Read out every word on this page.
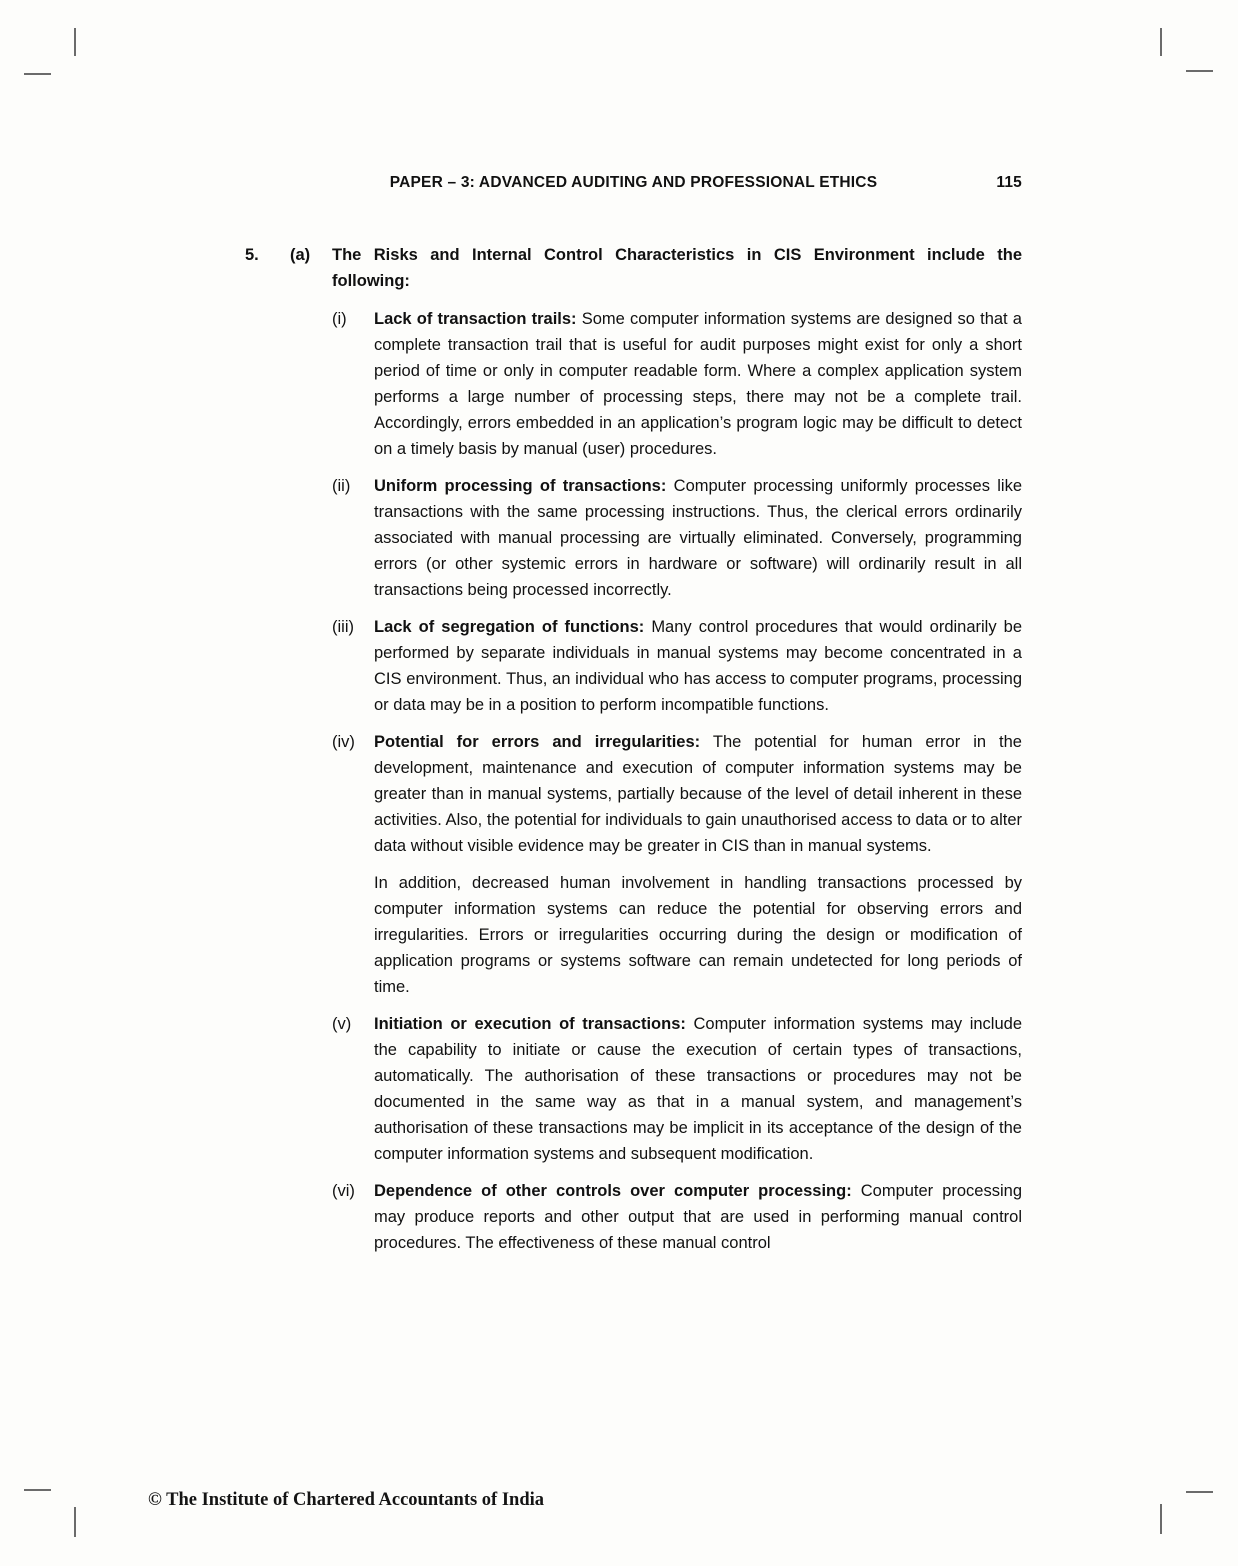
PAPER – 3: ADVANCED AUDITING AND PROFESSIONAL ETHICS	115
5.	(a)	The Risks and Internal Control Characteristics in CIS Environment include the following:
(i)	Lack of transaction trails: Some computer information systems are designed so that a complete transaction trail that is useful for audit purposes might exist for only a short period of time or only in computer readable form. Where a complex application system performs a large number of processing steps, there may not be a complete trail. Accordingly, errors embedded in an application’s program logic may be difficult to detect on a timely basis by manual (user) procedures.

(ii)	Uniform processing of transactions: Computer processing uniformly processes like transactions with the same processing instructions. Thus, the clerical errors ordinarily associated with manual processing are virtually eliminated. Conversely, programming errors (or other systemic errors in hardware or software) will ordinarily result in all transactions being processed incorrectly.

(iii)	Lack of segregation of functions: Many control procedures that would ordinarily be performed by separate individuals in manual systems may become concentrated in a CIS environment. Thus, an individual who has access to computer programs, processing or data may be in a position to perform incompatible functions.

(iv)	Potential for errors and irregularities: The potential for human error in the development, maintenance and execution of computer information systems may be greater than in manual systems, partially because of the level of detail inherent in these activities. Also, the potential for individuals to gain unauthorised access to data or to alter data without visible evidence may be greater in CIS than in manual systems.

In addition, decreased human involvement in handling transactions processed by computer information systems can reduce the potential for observing errors and irregularities. Errors or irregularities occurring during the design or modification of application programs or systems software can remain undetected for long periods of time.

(v)	Initiation or execution of transactions: Computer information systems may include the capability to initiate or cause the execution of certain types of transactions, automatically. The authorisation of these transactions or procedures may not be documented in the same way as that in a manual system, and management’s authorisation of these transactions may be implicit in its acceptance of the design of the computer information systems and subsequent modification.

(vi)	Dependence of other controls over computer processing: Computer processing may produce reports and other output that are used in performing manual control procedures. The effectiveness of these manual control

© The Institute of Chartered Accountants of India
